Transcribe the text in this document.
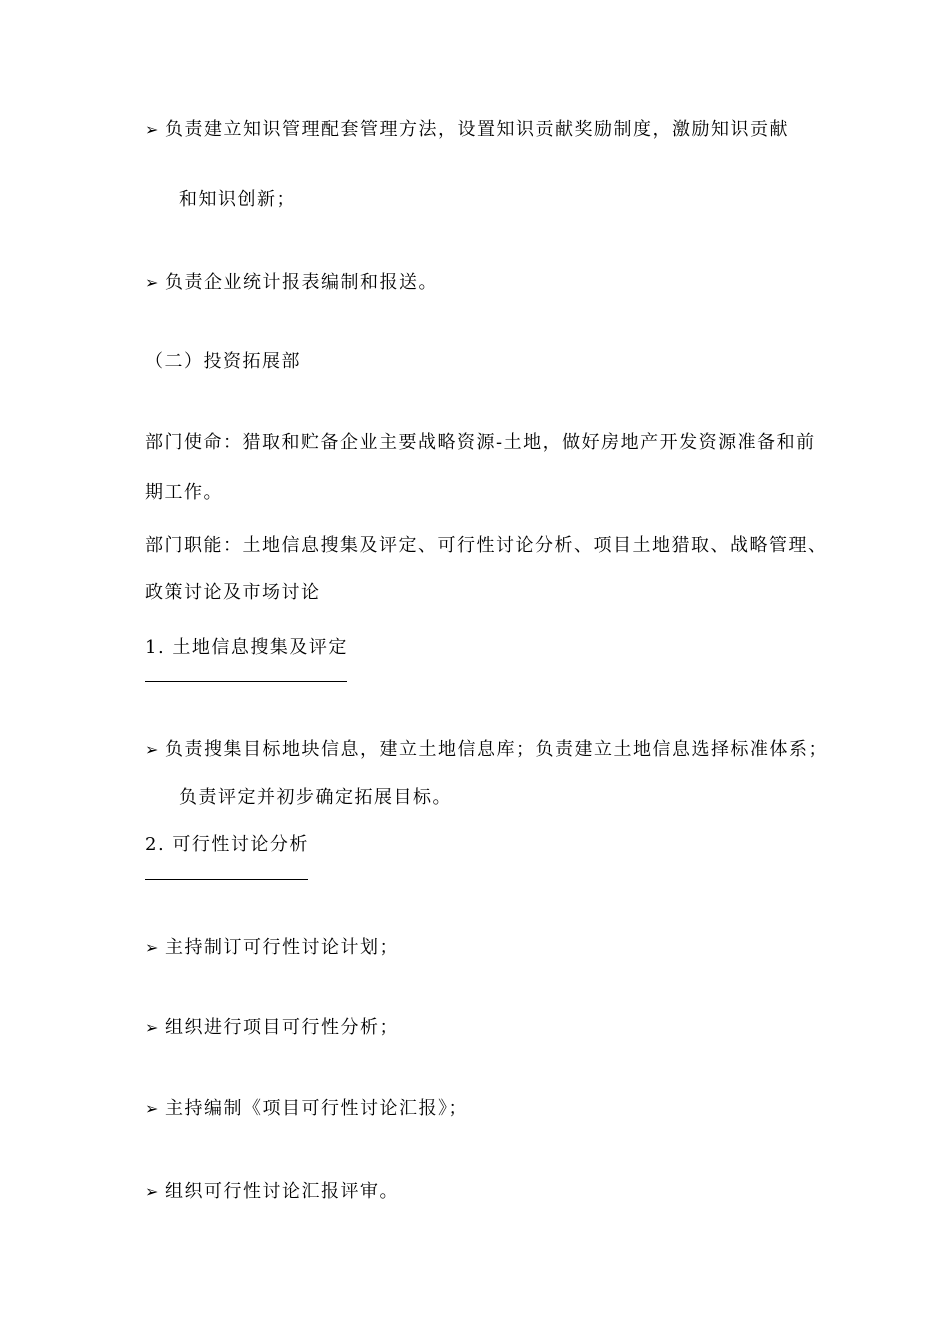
➢ 负责建立知识管理配套管理方法，设置知识贡献奖励制度，激励知识贡献
和知识创新；
➢ 负责企业统计报表编制和报送。
（二）投资拓展部
部门使命：猎取和贮备企业主要战略资源-土地，做好房地产开发资源准备和前
期工作。
部门职能：土地信息搜集及评定、可行性讨论分析、项目土地猎取、战略管理、
政策讨论及市场讨论
1. 土地信息搜集及评定
➢ 负责搜集目标地块信息，建立土地信息库；负责建立土地信息选择标准体系；
负责评定并初步确定拓展目标。
2. 可行性讨论分析
➢ 主持制订可行性讨论计划；
➢ 组织进行项目可行性分析；
➢ 主持编制《项目可行性讨论汇报》；
➢ 组织可行性讨论汇报评审。
